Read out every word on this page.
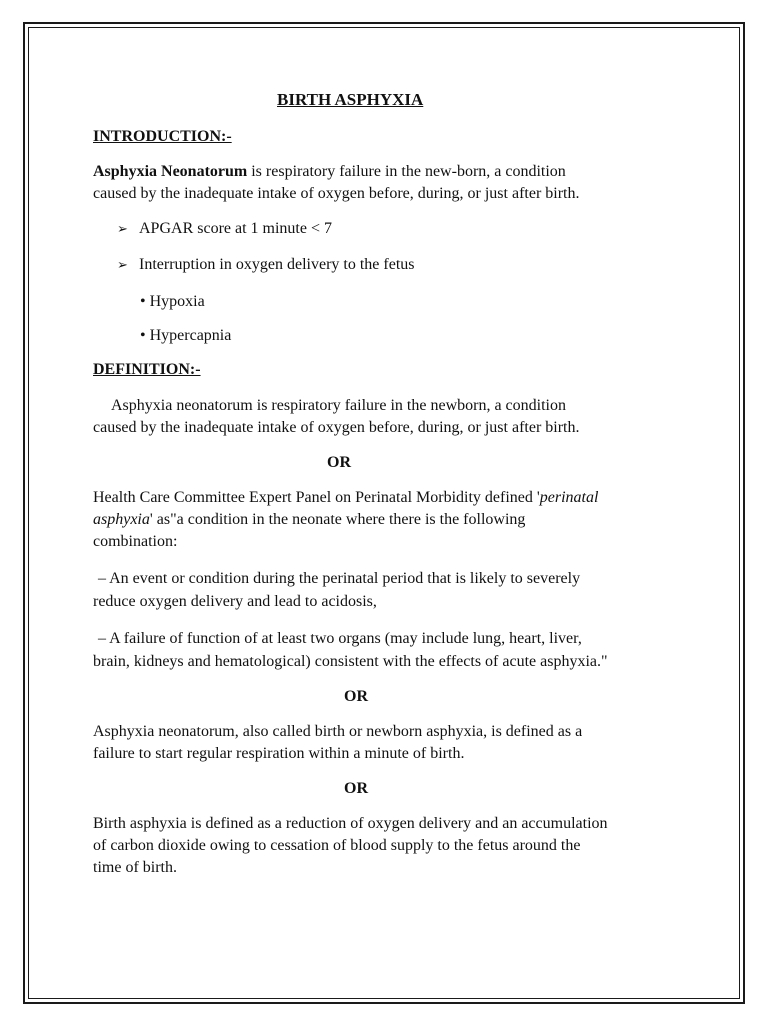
BIRTH ASPHYXIA

INTRODUCTION:-

Asphyxia Neonatorum is respiratory failure in the new-born, a condition

caused by the inadequate intake of oxygen before, during, or just after birth.

➢ APGAR score at 1 minute < 7

➢ Interruption in oxygen delivery to the fetus

• Hypoxia

• Hypercapnia

DEFINITION:-

Asphyxia neonatorum is respiratory failure in the newborn, a condition

caused by the inadequate intake of oxygen before, during, or just after birth.

OR

Health Care Committee Expert Panel on Perinatal Morbidity defined 'perinatal

asphyxia' as"a condition in the neonate where there is the following

combination:

– An event or condition during the perinatal period that is likely to severely

reduce oxygen delivery and lead to acidosis,

– A failure of function of at least two organs (may include lung, heart, liver,

brain, kidneys and hematological) consistent with the effects of acute asphyxia."

OR

Asphyxia neonatorum, also called birth or newborn asphyxia, is defined as a

failure to start regular respiration within a minute of birth.

OR

Birth asphyxia is defined as a reduction of oxygen delivery and an accumulation

of carbon dioxide owing to cessation of blood supply to the fetus around the

time of birth.
